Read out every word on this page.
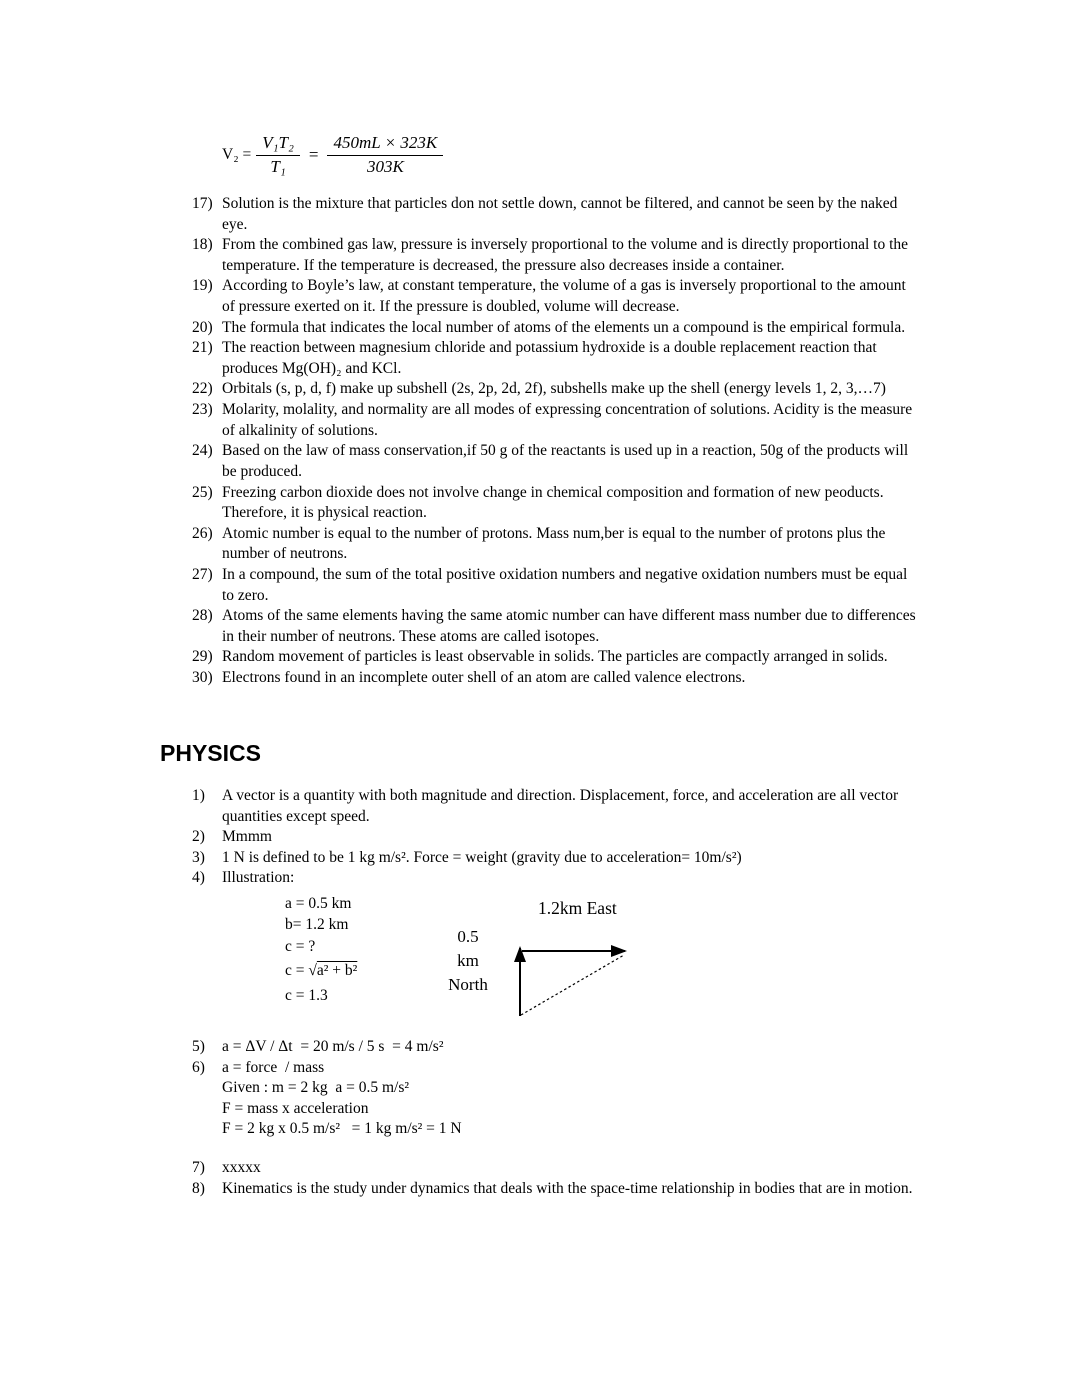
$V_2 = \frac{\text{V₁T₂}}{\text{T₁}} = \frac{450mL \times 323K}{303K}$
17) Solution is the mixture that particles don not settle down, cannot be filtered, and cannot be seen by the naked eye.
18) From the combined gas law, pressure is inversely proportional to the volume and is directly proportional to the temperature. If the temperature is decreased, the pressure also decreases inside a container.
19) According to Boyle’s law, at constant temperature, the volume of a gas is inversely proportional to the amount of pressure exerted on it. If the pressure is doubled, volume will decrease.
20) The formula that indicates the local number of atoms of the elements un a compound is the empirical formula.
21) The reaction between magnesium chloride and potassium hydroxide is a double replacement reaction that produces Mg(OH)₂ and KCl.
22) Orbitals (s, p, d, f) make up subshell (2s, 2p, 2d, 2f), subshells make up the shell (energy levels 1, 2, 3,…7)
23) Molarity, molality, and normality are all modes of expressing concentration of solutions. Acidity is the measure of alkalinity of solutions.
24) Based on the law of mass conservation,if 50 g of the reactants is used up in a reaction, 50g of the products will be produced.
25) Freezing carbon dioxide does not involve change in chemical composition and formation of new peoducts. Therefore, it is physical reaction.
26) Atomic number is equal to the number of protons. Mass num,ber is equal to the number of protons plus the number of neutrons.
27) In a compound, the sum of the total positive oxidation numbers and negative oxidation numbers must be equal to zero.
28) Atoms of the same elements having the same atomic number can have different mass number due to differences in their number of neutrons. These atoms are called isotopes.
29) Random movement of particles is least observable in solids. The particles are compactly arranged in solids.
30) Electrons found in an incomplete outer shell of an atom are called valence electrons.
PHYSICS
1)	A vector is a quantity with both magnitude and direction. Displacement, force, and acceleration are all vector quantities except speed.
2)	Mmmm
3)	1 N is defined to be 1 kg m/s². Force = weight (gravity due to acceleration= 10m/s²)
4)	Illustration:
a = 0.5 km
b= 1.2 km
c = ?
c = √a² + b²
c = 1.3
0.5
km
North
1.2km East
5)	a = ΔV / Δt  = 20 m/s / 5 s  = 4 m/s²
6)	a = force  / mass
Given : m = 2 kg  a = 0.5 m/s²
F = mass x acceleration
F = 2 kg x 0.5 m/s²   = 1 kg m/s² = 1 N
7)	xxxxx
8)	Kinematics is the study under dynamics that deals with the space-time relationship in bodies that are in motion.
